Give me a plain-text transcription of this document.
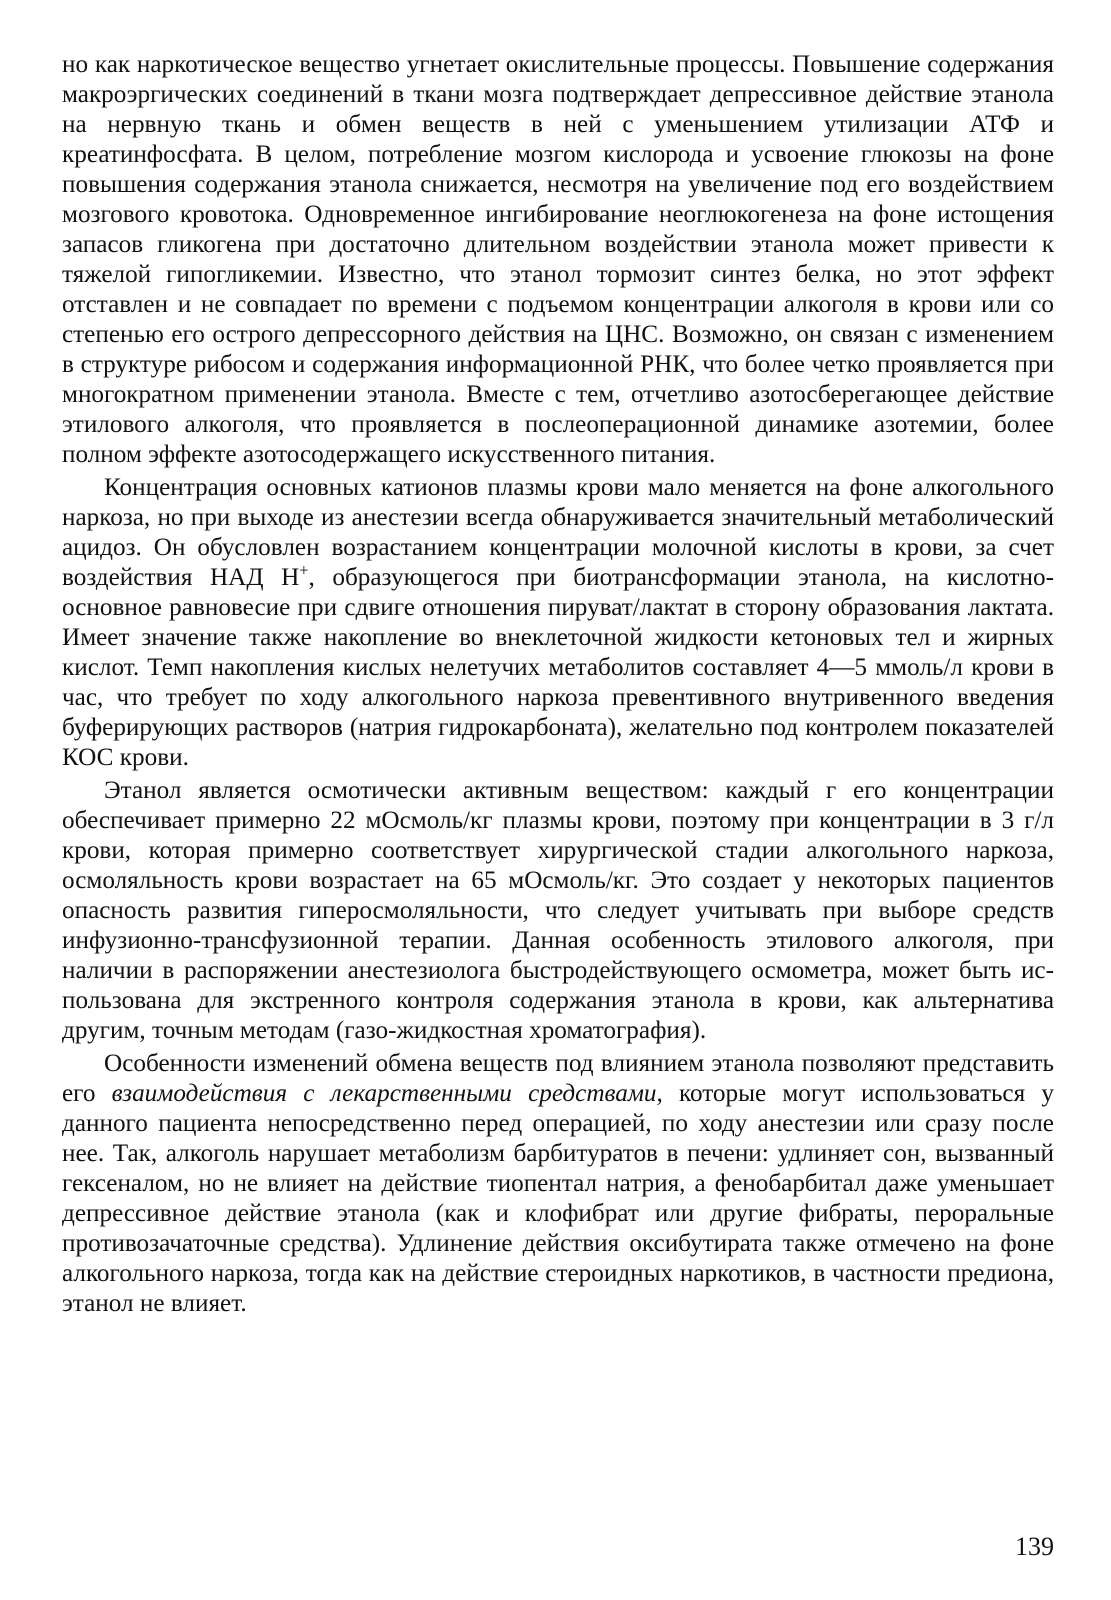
но как наркотическое вещество угнетает окислительные процессы. Повышение содержания макроэргических соединений в ткани мозга подтверждает депрессивное действие этанола на нервную ткань и обмен веществ в ней с уменьшением утилизации АТФ и креатинфосфата. В целом, потребление мозгом кислорода и усвоение глюкозы на фоне повышения содержания этанола снижается, несмотря на увеличение под его воздействием мозгового кровотока. Одновременное ингибирование неоглюкогенеза на фоне истощения запасов гликогена при достаточно длительном воздействии этанола может привести к тяжелой гипогликемии. Известно, что этанол тормозит синтез белка, но этот эффект отставлен и не совпадает по времени с подъемом концентрации алкоголя в крови или со степенью его острого депрессорного действия на ЦНС. Возможно, он связан с изменением в структуре рибосом и содержания информационной РНК, что более четко проявляется при многократном применении этанола. Вместе с тем, отчетливо азотосберегающее действие этилового алкоголя, что проявляется в послеоперационной динамике азотемии, более полном эффекте азотосодержащего искусственного питания.

Концентрация основных катионов плазмы крови мало меняется на фоне алкогольного наркоза, но при выходе из анестезии всегда обнаруживается значительный метаболический ацидоз. Он обусловлен возрастанием концентрации молочной кислоты в крови, за счет воздействия НАД Н+, образующегося при биотрансформации этанола, на кислотно-основное равновесие при сдвиге отношения пируват/лактат в сторону образования лактата. Имеет значение также накопление во внеклеточной жидкости кетоновых тел и жирных кислот. Темп накопления кислых нелетучих метаболитов составляет 4—5 ммоль/л крови в час, что требует по ходу алкогольного наркоза превентивного внутривенного введения буферирующих растворов (натрия гидрокарбоната), желательно под контролем показателей КОС крови.

Этанол является осмотически активным веществом: каждый г его концентрации обеспечивает примерно 22 мОсмоль/кг плазмы крови, поэтому при концентрации в 3 г/л крови, которая примерно соответствует хирургической стадии алкогольного наркоза, осмоляльность крови возрастает на 65 мОсмоль/кг. Это создает у некоторых пациентов опасность развития гиперосмоляльности, что следует учитывать при выборе средств инфузионно-трансфузионной терапии. Данная особенность этилового алкоголя, при наличии в распоряжении анестезиолога быстродействующего осмометра, может быть использована для экстренного контроля содержания этанола в крови, как альтернатива другим, точным методам (газо-жидкостная хроматография).

Особенности изменений обмена веществ под влиянием этанола позволяют представить его взаимодействия с лекарственными средствами, которые могут использоваться у данного пациента непосредственно перед операцией, по ходу анестезии или сразу после нее. Так, алкоголь нарушает метаболизм барбитуратов в печени: удлиняет сон, вызванный гексеналом, но не влияет на действие тиопентал натрия, а фенобарбитал даже уменьшает депрессивное действие этанола (как и клофибрат или другие фибраты, пероральные противозачаточные средства). Удлинение действия оксибутирата также отмечено на фоне алкогольного наркоза, тогда как на действие стероидных наркотиков, в частности предиона, этанол не влияет.

139
